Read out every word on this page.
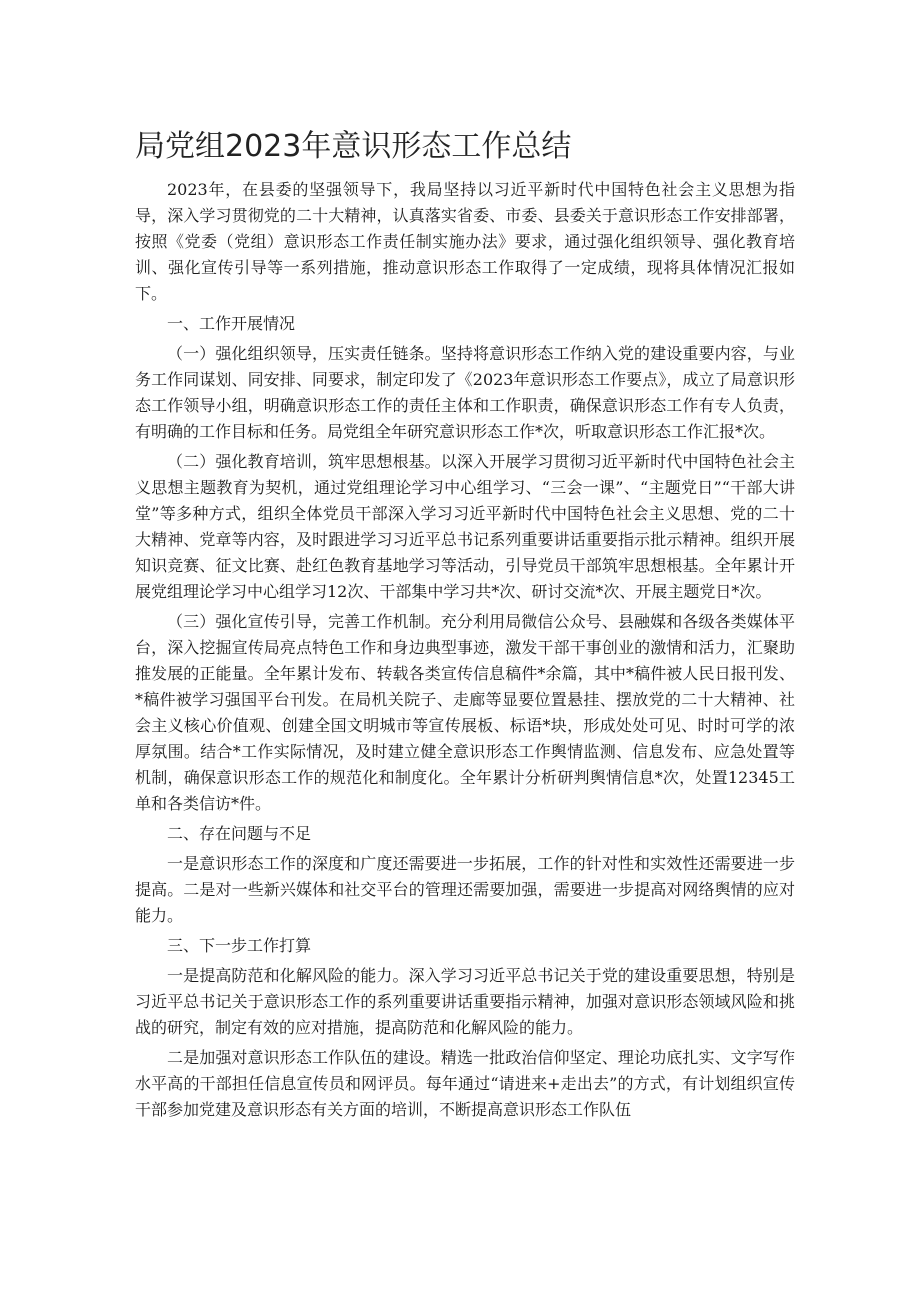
局党组2023年意识形态工作总结

2023年，在县委的坚强领导下，我局坚持以习近平新时代中国特色社会主义思想为指导，深入学习贯彻党的二十大精神，认真落实省委、市委、县委关于意识形态工作安排部署，按照《党委（党组）意识形态工作责任制实施办法》要求，通过强化组织领导、强化教育培训、强化宣传引导等一系列措施，推动意识形态工作取得了一定成绩，现将具体情况汇报如下。

一、工作开展情况

（一）强化组织领导，压实责任链条。坚持将意识形态工作纳入党的建设重要内容，与业务工作同谋划、同安排、同要求，制定印发了《2023年意识形态工作要点》，成立了局意识形态工作领导小组，明确意识形态工作的责任主体和工作职责，确保意识形态工作有专人负责，有明确的工作目标和任务。局党组全年研究意识形态工作*次，听取意识形态工作汇报*次。

（二）强化教育培训，筑牢思想根基。以深入开展学习贯彻习近平新时代中国特色社会主义思想主题教育为契机，通过党组理论学习中心组学习、“三会一课”、“主题党日”“干部大讲堂”等多种方式，组织全体党员干部深入学习习近平新时代中国特色社会主义思想、党的二十大精神、党章等内容，及时跟进学习习近平总书记系列重要讲话重要指示批示精神。组织开展知识竞赛、征文比赛、赴红色教育基地学习等活动，引导党员干部筑牢思想根基。全年累计开展党组理论学习中心组学习12次、干部集中学习共*次、研讨交流*次、开展主题党日*次。

（三）强化宣传引导，完善工作机制。充分利用局微信公众号、县融媒和各级各类媒体平台，深入挖掘宣传局亮点特色工作和身边典型事迹，激发干部干事创业的激情和活力，汇聚助推发展的正能量。全年累计发布、转载各类宣传信息稿件*余篇，其中*稿件被人民日报刊发、*稿件被学习强国平台刊发。在局机关院子、走廊等显要位置悬挂、摆放党的二十大精神、社会主义核心价值观、创建全国文明城市等宣传展板、标语*块，形成处处可见、时时可学的浓厚氛围。结合*工作实际情况，及时建立健全意识形态工作舆情监测、信息发布、应急处置等机制，确保意识形态工作的规范化和制度化。全年累计分析研判舆情信息*次，处置12345工单和各类信访*件。

二、存在问题与不足

一是意识形态工作的深度和广度还需要进一步拓展，工作的针对性和实效性还需要进一步提高。二是对一些新兴媒体和社交平台的管理还需要加强，需要进一步提高对网络舆情的应对能力。

三、下一步工作打算

一是提高防范和化解风险的能力。深入学习习近平总书记关于党的建设重要思想，特别是习近平总书记关于意识形态工作的系列重要讲话重要指示精神，加强对意识形态领域风险和挑战的研究，制定有效的应对措施，提高防范和化解风险的能力。

二是加强对意识形态工作队伍的建设。精选一批政治信仰坚定、理论功底扎实、文字写作水平高的干部担任信息宣传员和网评员。每年通过“请进来+走出去”的方式，有计划组织宣传干部参加党建及意识形态有关方面的培训，不断提高意识形态工作队伍
